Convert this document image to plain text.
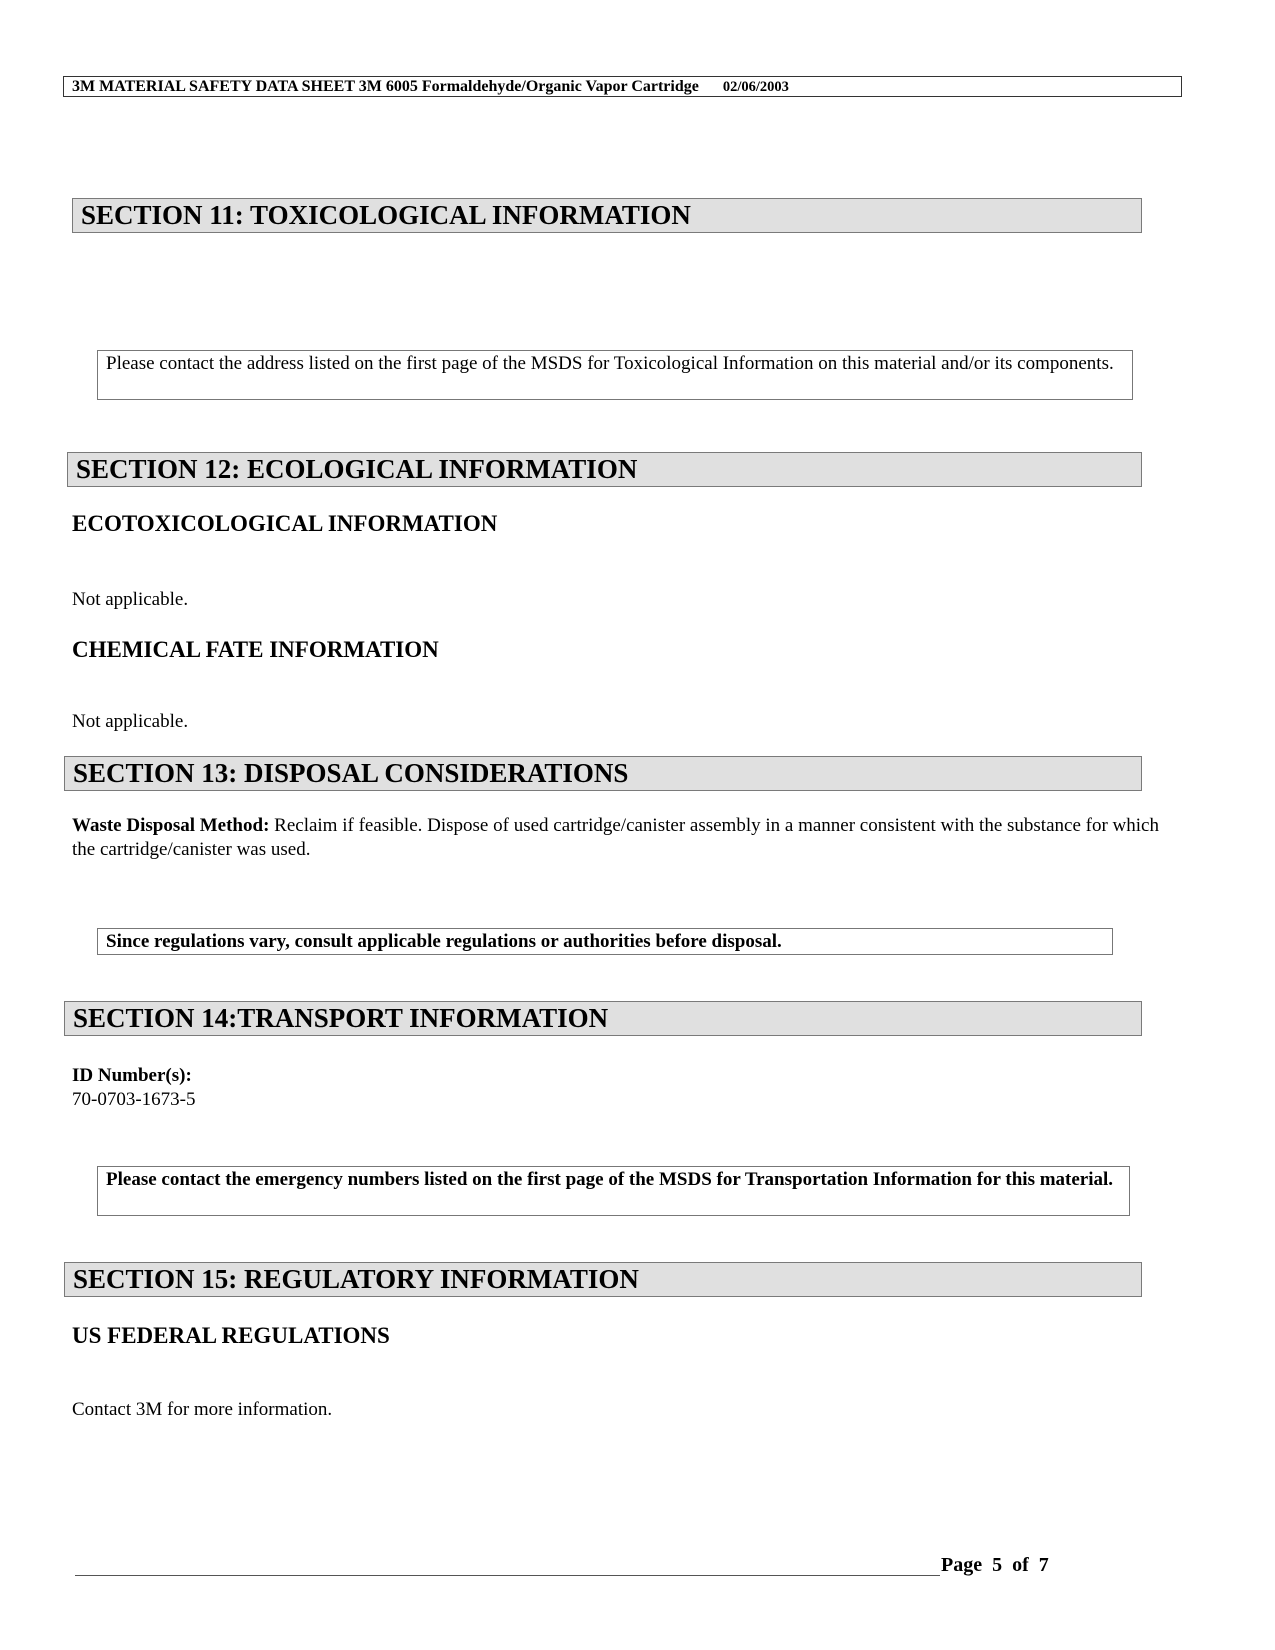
3M MATERIAL SAFETY DATA SHEET 3M 6005 Formaldehyde/Organic Vapor Cartridge 02/06/2003
SECTION 11: TOXICOLOGICAL INFORMATION
Please contact the address listed on the first page of the MSDS for Toxicological Information on this material and/or its components.
SECTION 12: ECOLOGICAL INFORMATION
ECOTOXICOLOGICAL INFORMATION
Not applicable.
CHEMICAL FATE INFORMATION
Not applicable.
SECTION 13: DISPOSAL CONSIDERATIONS
Waste Disposal Method: Reclaim if feasible. Dispose of used cartridge/canister assembly in a manner consistent with the substance for which the cartridge/canister was used.
Since regulations vary, consult applicable regulations or authorities before disposal.
SECTION 14:TRANSPORT INFORMATION
ID Number(s):
70-0703-1673-5
Please contact the emergency numbers listed on the first page of the MSDS for Transportation Information for this material.
SECTION 15: REGULATORY INFORMATION
US FEDERAL REGULATIONS
Contact 3M for more information.
Page 5 of 7
